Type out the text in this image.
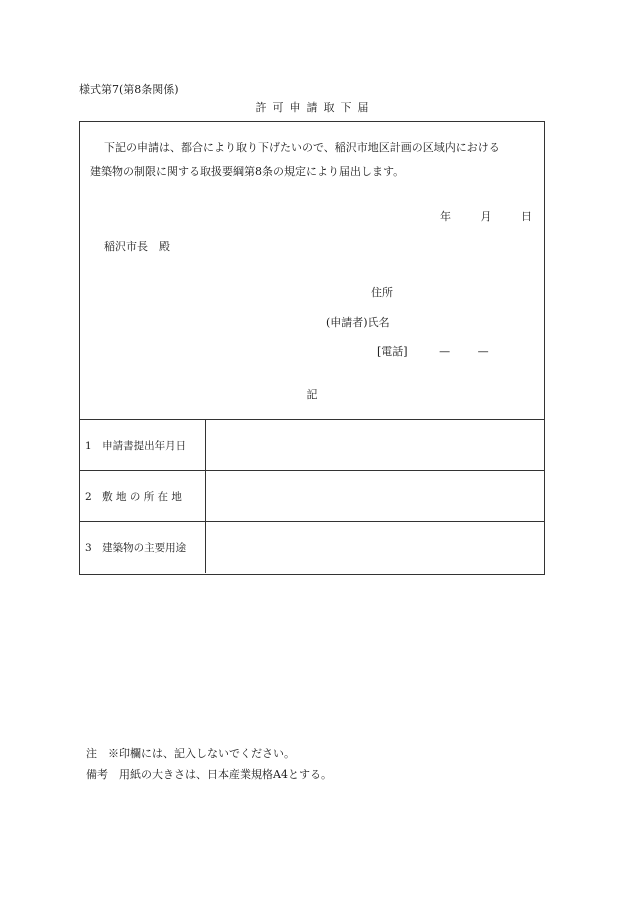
様式第7(第8条関係)
許可申請取下届
下記の申請は、都合により取り下げたいので、稲沢市地区計画の区域内における
建築物の制限に関する取扱要綱第8条の規定により届出します。
年	月	日
稲沢市長　殿
住所
(申請者)氏名
[電話]	—	—
記
1　申請書提出年月日	
2　敷 地 の 所 在 地	
3　建築物の主要用途	
注　※印欄には、記入しないでください。
備考　用紙の大きさは、日本産業規格A4とする。
